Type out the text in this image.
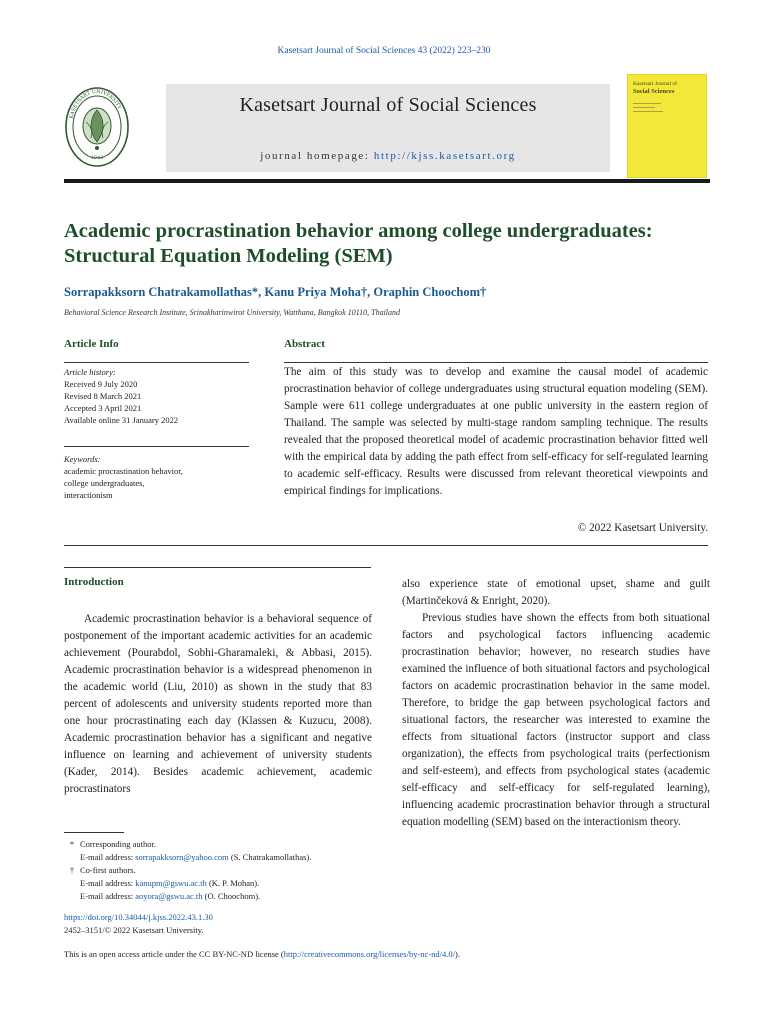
Kasetsart Journal of Social Sciences 43 (2022) 223–230
1943
KASETSART UNIVERSITY	Kasetsart Journal of Social Sciences
journal homepage: http://kjss.kasetsart.org
Kasetsart Journal of
Social Sciences
Academic procrastination behavior among college undergraduates: Structural Equation Modeling (SEM)
Sorrapakksorn Chatrakamollathas*, Kanu Priya Moha†, Oraphin Choochom†
Behavioral Science Research Institute, Srinakharinwirot University, Watthana, Bangkok 10110, Thailand
Article Info	Abstract
Article history:
Received 9 July 2020
Revised 8 March 2021
Accepted 3 April 2021
Available online 31 January 2022
Keywords:
academic procrastination behavior,
college undergraduates,
interactionism
The aim of this study was to develop and examine the causal model of academic procrastination behavior of college undergraduates using structural equation modeling (SEM). Sample were 611 college undergraduates at one public university in the eastern region of Thailand. The sample was selected by multi-stage random sampling technique. The results revealed that the proposed theoretical model of academic procrastination behavior fitted well with the empirical data by adding the path effect from self-efficacy for self-regulated learning to academic self-efficacy. Results were discussed from relevant theoretical viewpoints and empirical findings for implications.
© 2022 Kasetsart University.
Introduction

Academic procrastination behavior is a behavioral sequence of postponement of the important academic activities for an academic achievement (Pourabdol, Sobhi-Gharamaleki, & Abbasi, 2015). Academic procrastination behavior is a widespread phenomenon in the academic world (Liu, 2010) as shown in the study that 83 percent of adolescents and university students reported more than one hour procrastinating each day (Klassen & Kuzucu, 2008). Academic procrastination behavior has a significant and negative influence on learning and achievement of university students (Kader, 2014). Besides academic achievement, academic procrastinators

also experience state of emotional upset, shame and guilt (Martinčeková & Enright, 2020).

Previous studies have shown the effects from both situational factors and psychological factors influencing academic procrastination behavior; however, no research studies have examined the influence of both situational factors and psychological factors on academic procrastination behavior in the same model. Therefore, to bridge the gap between psychological factors and situational factors, the researcher was interested to examine the effects from situational factors (instructor support and class organization), the effects from psychological traits (perfectionism and self-esteem), and effects from psychological states (academic self-efficacy and self-efficacy for self-regulated learning), influencing academic procrastination behavior through a structural equation modelling (SEM) based on the interactionism theory.

* Corresponding author.
E-mail address: sorrapakksorn@yahoo.com (S. Chatrakamollathas).
† Co-first authors.
E-mail address: kanupm@gswu.ac.th (K. P. Mohan).
E-mail address: aoyora@gswu.ac.th (O. Choochom).
https://doi.org/10.34044/j.kjss.2022.43.1.30
2452–3151/© 2022 Kasetsart University.
This is an open access article under the CC BY-NC-ND license (http://creativecommons.org/licenses/by-nc-nd/4.0/).
